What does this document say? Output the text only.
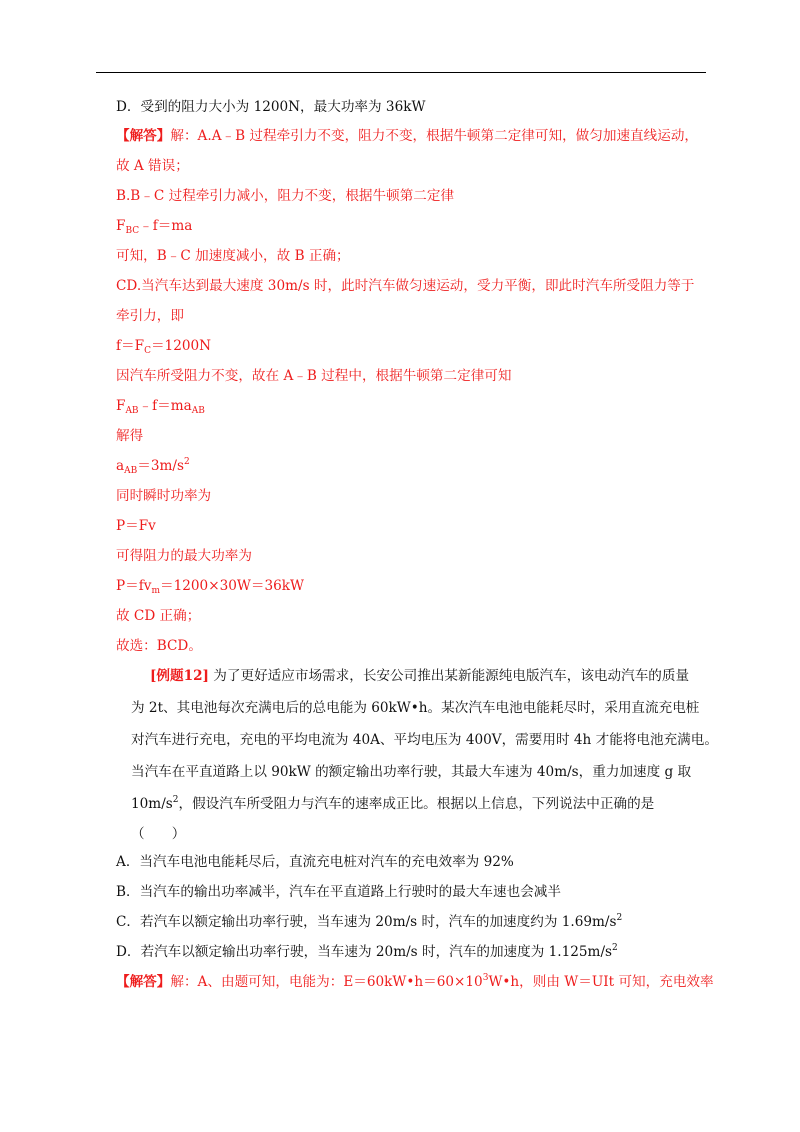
D．受到的阻力大小为 1200N，最大功率为 36kW
【解答】解：A.A﹣B 过程牵引力不变，阻力不变，根据牛顿第二定律可知，做匀加速直线运动，
故 A 错误；
B.B﹣C 过程牵引力减小，阻力不变，根据牛顿第二定律
$F_{BC}﹣f=ma$
可知，B﹣C 加速度减小，故 B 正确；
CD.当汽车达到最大速度 30m/s 时，此时汽车做匀速运动，受力平衡，即此时汽车所受阻力等于
牵引力，即
$f=F_C=1200N$
因汽车所受阻力不变，故在 A﹣B 过程中，根据牛顿第二定律可知
$F_{AB}﹣f=ma_{AB}$
解得
$a_{AB}=3m/s^2$
同时瞬时功率为
P＝Fv
可得阻力的最大功率为
$P=fv_m=1200\times 30W=36kW$
故 CD 正确；
故选：BCD。
[例题12] 为了更好适应市场需求，长安公司推出某新能源纯电版汽车，该电动汽车的质量
为 2t、其电池每次充满电后的总电能为 60kW•h。某次汽车电池电能耗尽时，采用直流充电桩
对汽车进行充电，充电的平均电流为 40A、平均电压为 400V，需要用时 4h 才能将电池充满电。
当汽车在平直道路上以 90kW 的额定输出功率行驶，其最大车速为 40m/s，重力加速度 g 取
$10m/s^2$，假设汽车所受阻力与汽车的速率成正比。根据以上信息，下列说法中正确的是
（　　）
A．当汽车电池电能耗尽后，直流充电桩对汽车的充电效率为 92%
B．当汽车的输出功率减半，汽车在平直道路上行驶时的最大车速也会减半
C．若汽车以额定输出功率行驶，当车速为 20m/s 时，汽车的加速度约为 $1.69m/s^2$
D．若汽车以额定输出功率行驶，当车速为 20m/s 时，汽车的加速度为 $1.125m/s^2$
【解答】解：A、由题可知，电能为：$E=60kW•h=60\times 10^3W•h$，则由 W＝UIt 可知，充电效率
